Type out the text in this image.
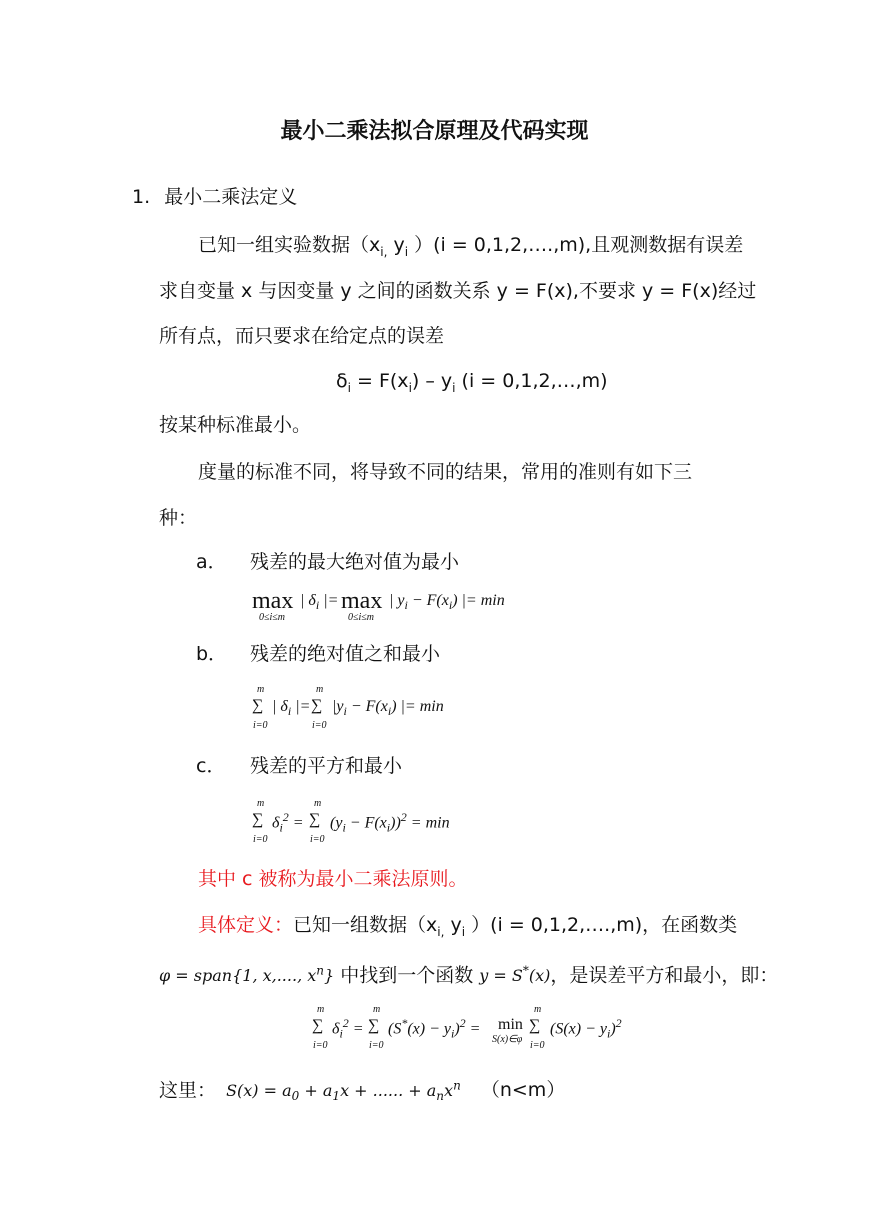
最小二乘法拟合原理及代码实现
1. 最小二乘法定义
已知一组实验数据（$x_{i,}$ $y_i$ ）(i = 0,1,2,….,m),且观测数据有误差
求自变量 x 与因变量 y 之间的函数关系 y = F(x),不要求 y = F(x)经过
所有点，而只要求在给定点的误差
$\delta_i = F(x_i) - y_i$ (i = 0,1,2,…,m)
按某种标准最小。
度量的标准不同，将导致不同的结果，常用的准则有如下三
种：
a． 残差的最大绝对值为最小
max
0≤i≤m
| $\delta_i$ |= max
0≤i≤m
| $y_i - F(x_i)$ |= min
b． 残差的绝对值之和最小
m
∑
i=0
| $\delta_i$ |=
m
∑
i=0
$|y_i - F(x_i)$ |= min
c． 残差的平方和最小
m
∑
i=0
$\delta_i^2$ =
m
∑
i=0
$(y_i - F(x_i))^2 = \min$
其中 c 被称为最小二乘法原则。
具体定义：已知一组数据（$x_{i,}$ $y_i$ ）(i = 0,1,2,….,m)，在函数类
φ = span{1, x,...., $x^n$} 中找到一个函数 y = S*(x)，是误差平方和最小，即：
m
∑
i=0
$\delta_i^2$ =
m
∑
i=0
$(S^*(x) - y_i)^2 = \min$
S(x)∈φ
m
∑
i=0
$(S(x) - y_i)^2$
这里： $S(x) = a_0 + a_1x$ + ...... + $a_nx^n$ （n<m）
